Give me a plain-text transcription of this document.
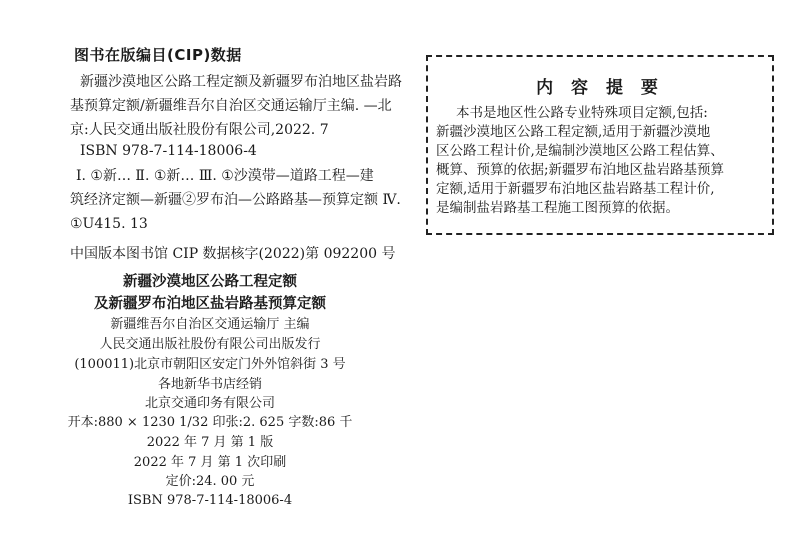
图书在版编目(CIP)数据
新疆沙漠地区公路工程定额及新疆罗布泊地区盐岩路
基预算定额/新疆维吾尔自治区交通运输厅主编. —北
京:人民交通出版社股份有限公司,2022. 7
ISBN 978-7-114-18006-4
Ⅰ. ①新… Ⅱ. ①新… Ⅲ. ①沙漠带—道路工程—建
筑经济定额—新疆②罗布泊—公路路基—预算定额 Ⅳ.
①U415. 13
中国版本图书馆 CIP 数据核字(2022)第 092200 号
内 容 提 要
本书是地区性公路专业特殊项目定额,包括:
新疆沙漠地区公路工程定额,适用于新疆沙漠地
区公路工程计价,是编制沙漠地区公路工程估算、
概算、预算的依据;新疆罗布泊地区盐岩路基预算
定额,适用于新疆罗布泊地区盐岩路基工程计价,
是编制盐岩路基工程施工图预算的依据。
新疆沙漠地区公路工程定额
及新疆罗布泊地区盐岩路基预算定额
新疆维吾尔自治区交通运输厅 主编
人民交通出版社股份有限公司出版发行
(100011)北京市朝阳区安定门外外馆斜街 3 号
各地新华书店经销
北京交通印务有限公司
开本:880 × 1230 1/32 印张:2. 625 字数:86 千
2022 年 7 月 第 1 版
2022 年 7 月 第 1 次印刷
定价:24. 00 元
ISBN 978-7-114-18006-4
